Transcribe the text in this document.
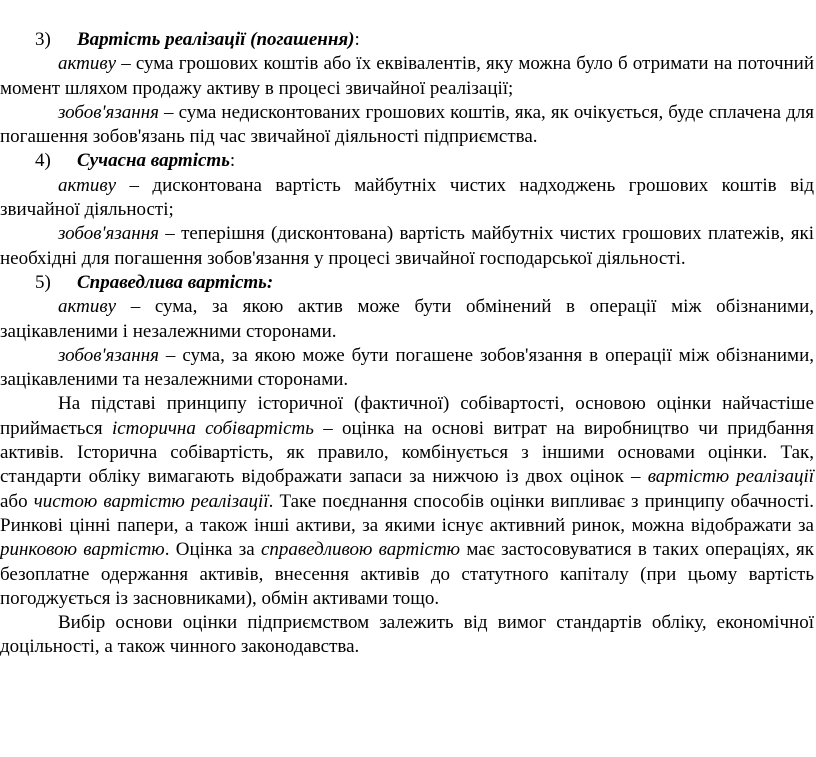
3) Вартість реалізації (погашення):

активу – сума грошових коштів або їх еквівалентів, яку можна було б отримати на поточний момент шляхом продажу активу в процесі звичайної реалізації;

зобов'язання – сума недисконтованих грошових коштів, яка, як очікується, буде сплачена для погашення зобов'язань під час звичайної діяльності підприємства.

4) Сучасна вартість:

активу – дисконтована вартість майбутніх чистих надходжень грошових коштів від звичайної діяльності;

зобов'язання – теперішня (дисконтована) вартість майбутніх чистих грошових платежів, які необхідні для погашення зобов'язання у процесі звичайної господарської діяльності.

5) Справедлива вартість:

активу – сума, за якою актив може бути обмінений в операції між обізнаними, зацікавленими і незалежними сторонами.

зобов'язання – сума, за якою може бути погашене зобов'язання в операції між обізнаними, зацікавленими та незалежними сторонами.

На підставі принципу історичної (фактичної) собівартості, основою оцінки найчастіше приймається історична собівартість – оцінка на основі витрат на виробництво чи придбання активів. Історична собівартість, як правило, комбінується з іншими основами оцінки. Так, стандарти обліку вимагають відображати запаси за нижчою із двох оцінок – вартістю реалізації або чистою вартістю реалізації. Таке поєднання способів оцінки випливає з принципу обачності. Ринкові цінні папери, а також інші активи, за якими існує активний ринок, можна відображати за ринковою вартістю. Оцінка за справедливою вартістю має застосовуватися в таких операціях, як безоплатне одержання активів, внесення активів до статутного капіталу (при цьому вартість погоджується із засновниками), обмін активами тощо.

Вибір основи оцінки підприємством залежить від вимог стандартів обліку, економічної доцільності, а також чинного законодавства.
